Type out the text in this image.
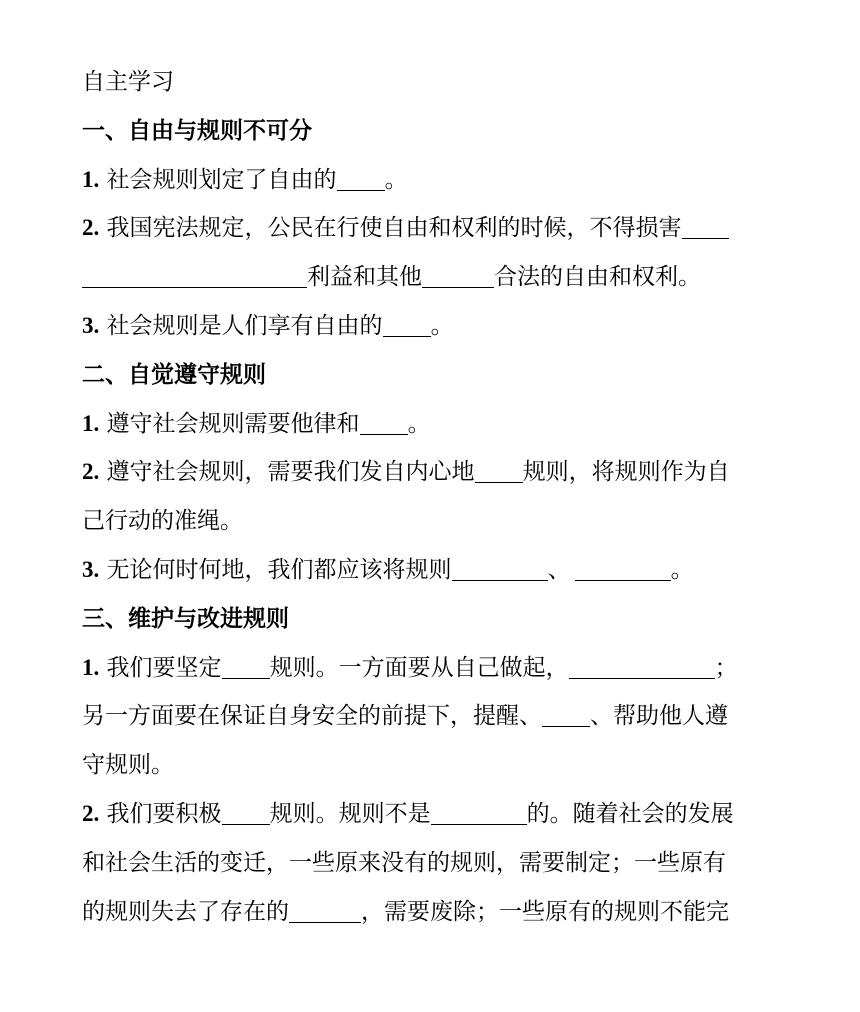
自主学习
一、自由与规则不可分
1. 社会规则划定了自由的 。
2. 我国宪法规定，公民在行使自由和权利的时候，不得损害
利益和其他	合法的自由和权利。
3. 社会规则是人们享有自由的 。
二、自觉遵守规则
1. 遵守社会规则需要他律和 。
2. 遵守社会规则，需要我们发自内心地 规则，将规则作为自
己行动的准绳。
3. 无论何时何地，我们都应该将规则	、	。
三、维护与改进规则
1. 我们要坚定 规则。一方面要从自己做起，	；
另一方面要在保证自身安全的前提下，提醒、 、帮助他人遵
守规则。
2. 我们要积极 规则。规则不是	的。随着社会的发展
和社会生活的变迁，一些原来没有的规则，需要制定；一些原有
的规则失去了存在的	，需要废除；一些原有的规则不能完
